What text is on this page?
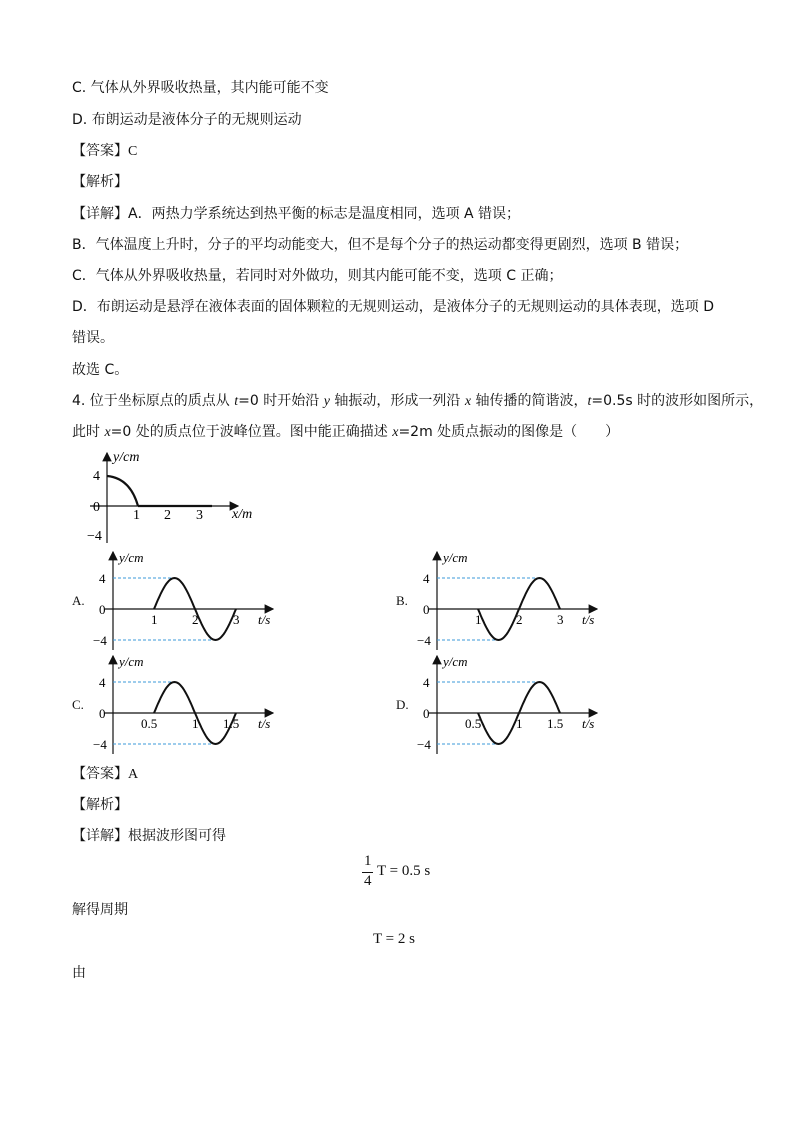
C. 气体从外界吸收热量，其内能可能不变
D. 布朗运动是液体分子的无规则运动
【答案】C
【解析】
【详解】A．两热力学系统达到热平衡的标志是温度相同，选项 A 错误；
B．气体温度上升时，分子的平均动能变大，但不是每个分子的热运动都变得更剧烈，选项 B 错误；
C．气体从外界吸收热量，若同时对外做功，则其内能可能不变，选项 C 正确；
D．布朗运动是悬浮在液体表面的固体颗粒的无规则运动，是液体分子的无规则运动的具体表现，选项 D
错误。
故选 C。
4. 位于坐标原点的质点从 t=0 时开始沿 y 轴振动，形成一列沿 x 轴传播的简谐波，t=0.5s 时的波形如图所示，
此时 x=0 处的质点位于波峰位置。图中能正确描述 x=2m 处质点振动的图像是（　　）
y/cm
x/m
4
0
−4
1 2 3
A.
1	2	3
4
0
−4
y/cm
t/s
B.
1	2	3
4
0
−4
y/cm
t/s
C.
0.5	1 1.5
4
0
−4
y/cm
t/s
D.
0.5	1 1.5
4
0
−4
y/cm
t/s
【答案】A
【解析】
【详解】根据波形图可得
1
4
T = 0.5 s
解得周期
T = 2 s
由
